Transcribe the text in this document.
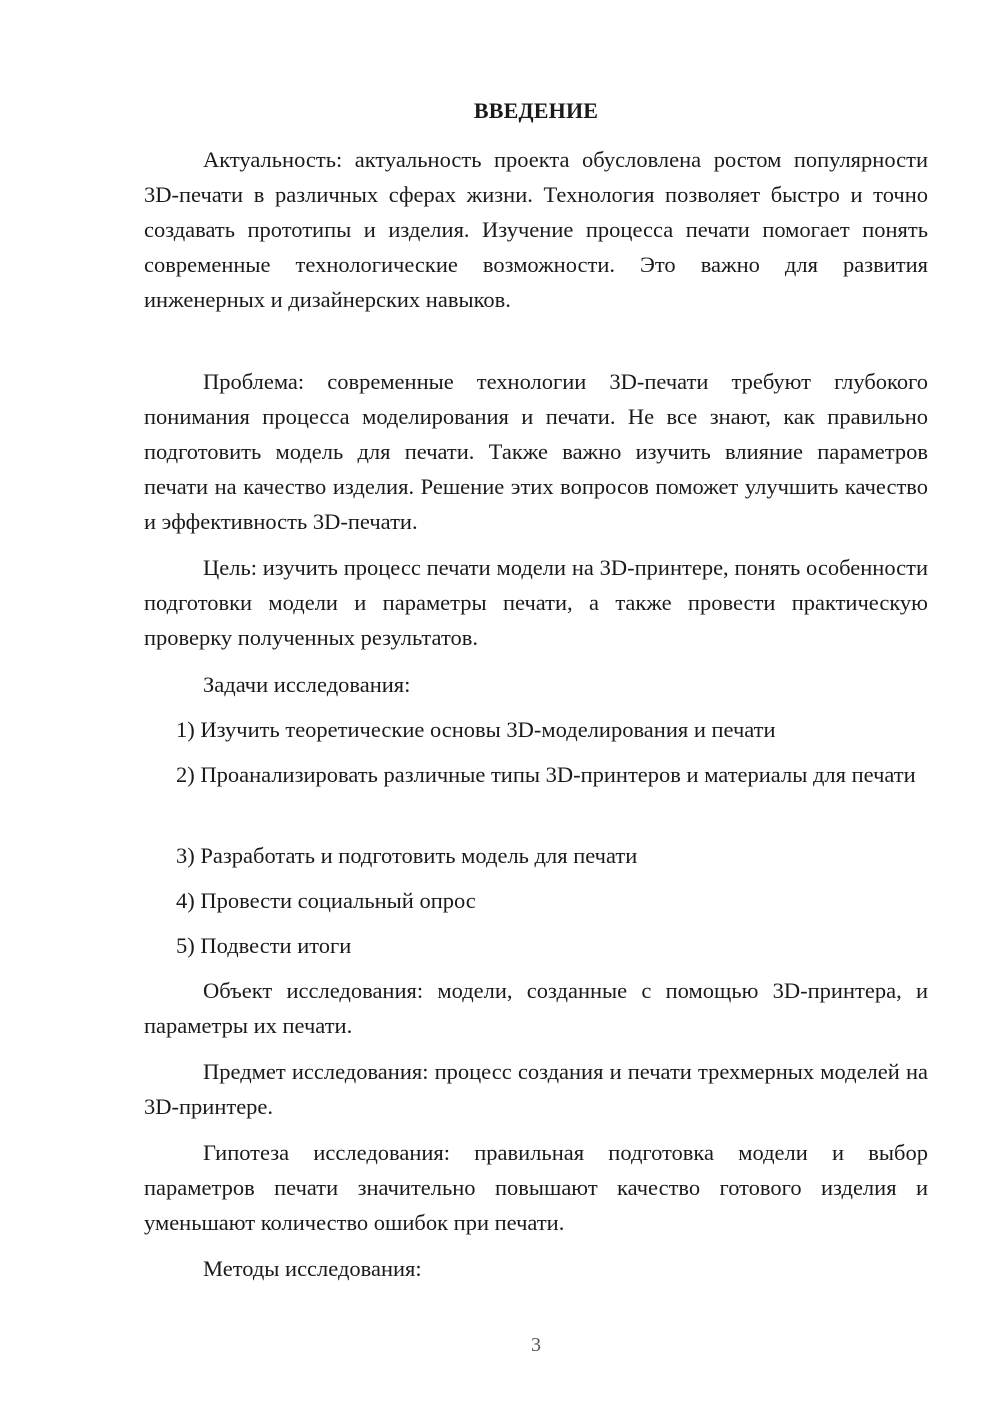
ВВЕДЕНИЕ

Актуальность: актуальность проекта обусловлена ростом популярности 3D-печати в различных сферах жизни. Технология позволяет быстро и точно создавать прототипы и изделия. Изучение процесса печати помогает понять современные технологические возможности. Это важно для развития инженерных и дизайнерских навыков.

Проблема: современные технологии 3D-печати требуют глубокого понимания процесса моделирования и печати. Не все знают, как правильно подготовить модель для печати. Также важно изучить влияние параметров печати на качество изделия. Решение этих вопросов поможет улучшить качество и эффективность 3D-печати.

Цель: изучить процесс печати модели на 3D-принтере, понять особенности подготовки модели и параметры печати, а также провести практическую проверку полученных результатов.

Задачи исследования:

1) Изучить теоретические основы 3D-моделирования и печати

2) Проанализировать различные типы 3D-принтеров и материалы для печати

3) Разработать и подготовить модель для печати

4) Провести социальный опрос

5) Подвести итоги

Объект исследования: модели, созданные с помощью 3D-принтера, и параметры их печати.

Предмет исследования: процесс создания и печати трехмерных моделей на 3D-принтере.

Гипотеза исследования: правильная подготовка модели и выбор параметров печати значительно повышают качество готового изделия и уменьшают количество ошибок при печати.

Методы исследования:

3
